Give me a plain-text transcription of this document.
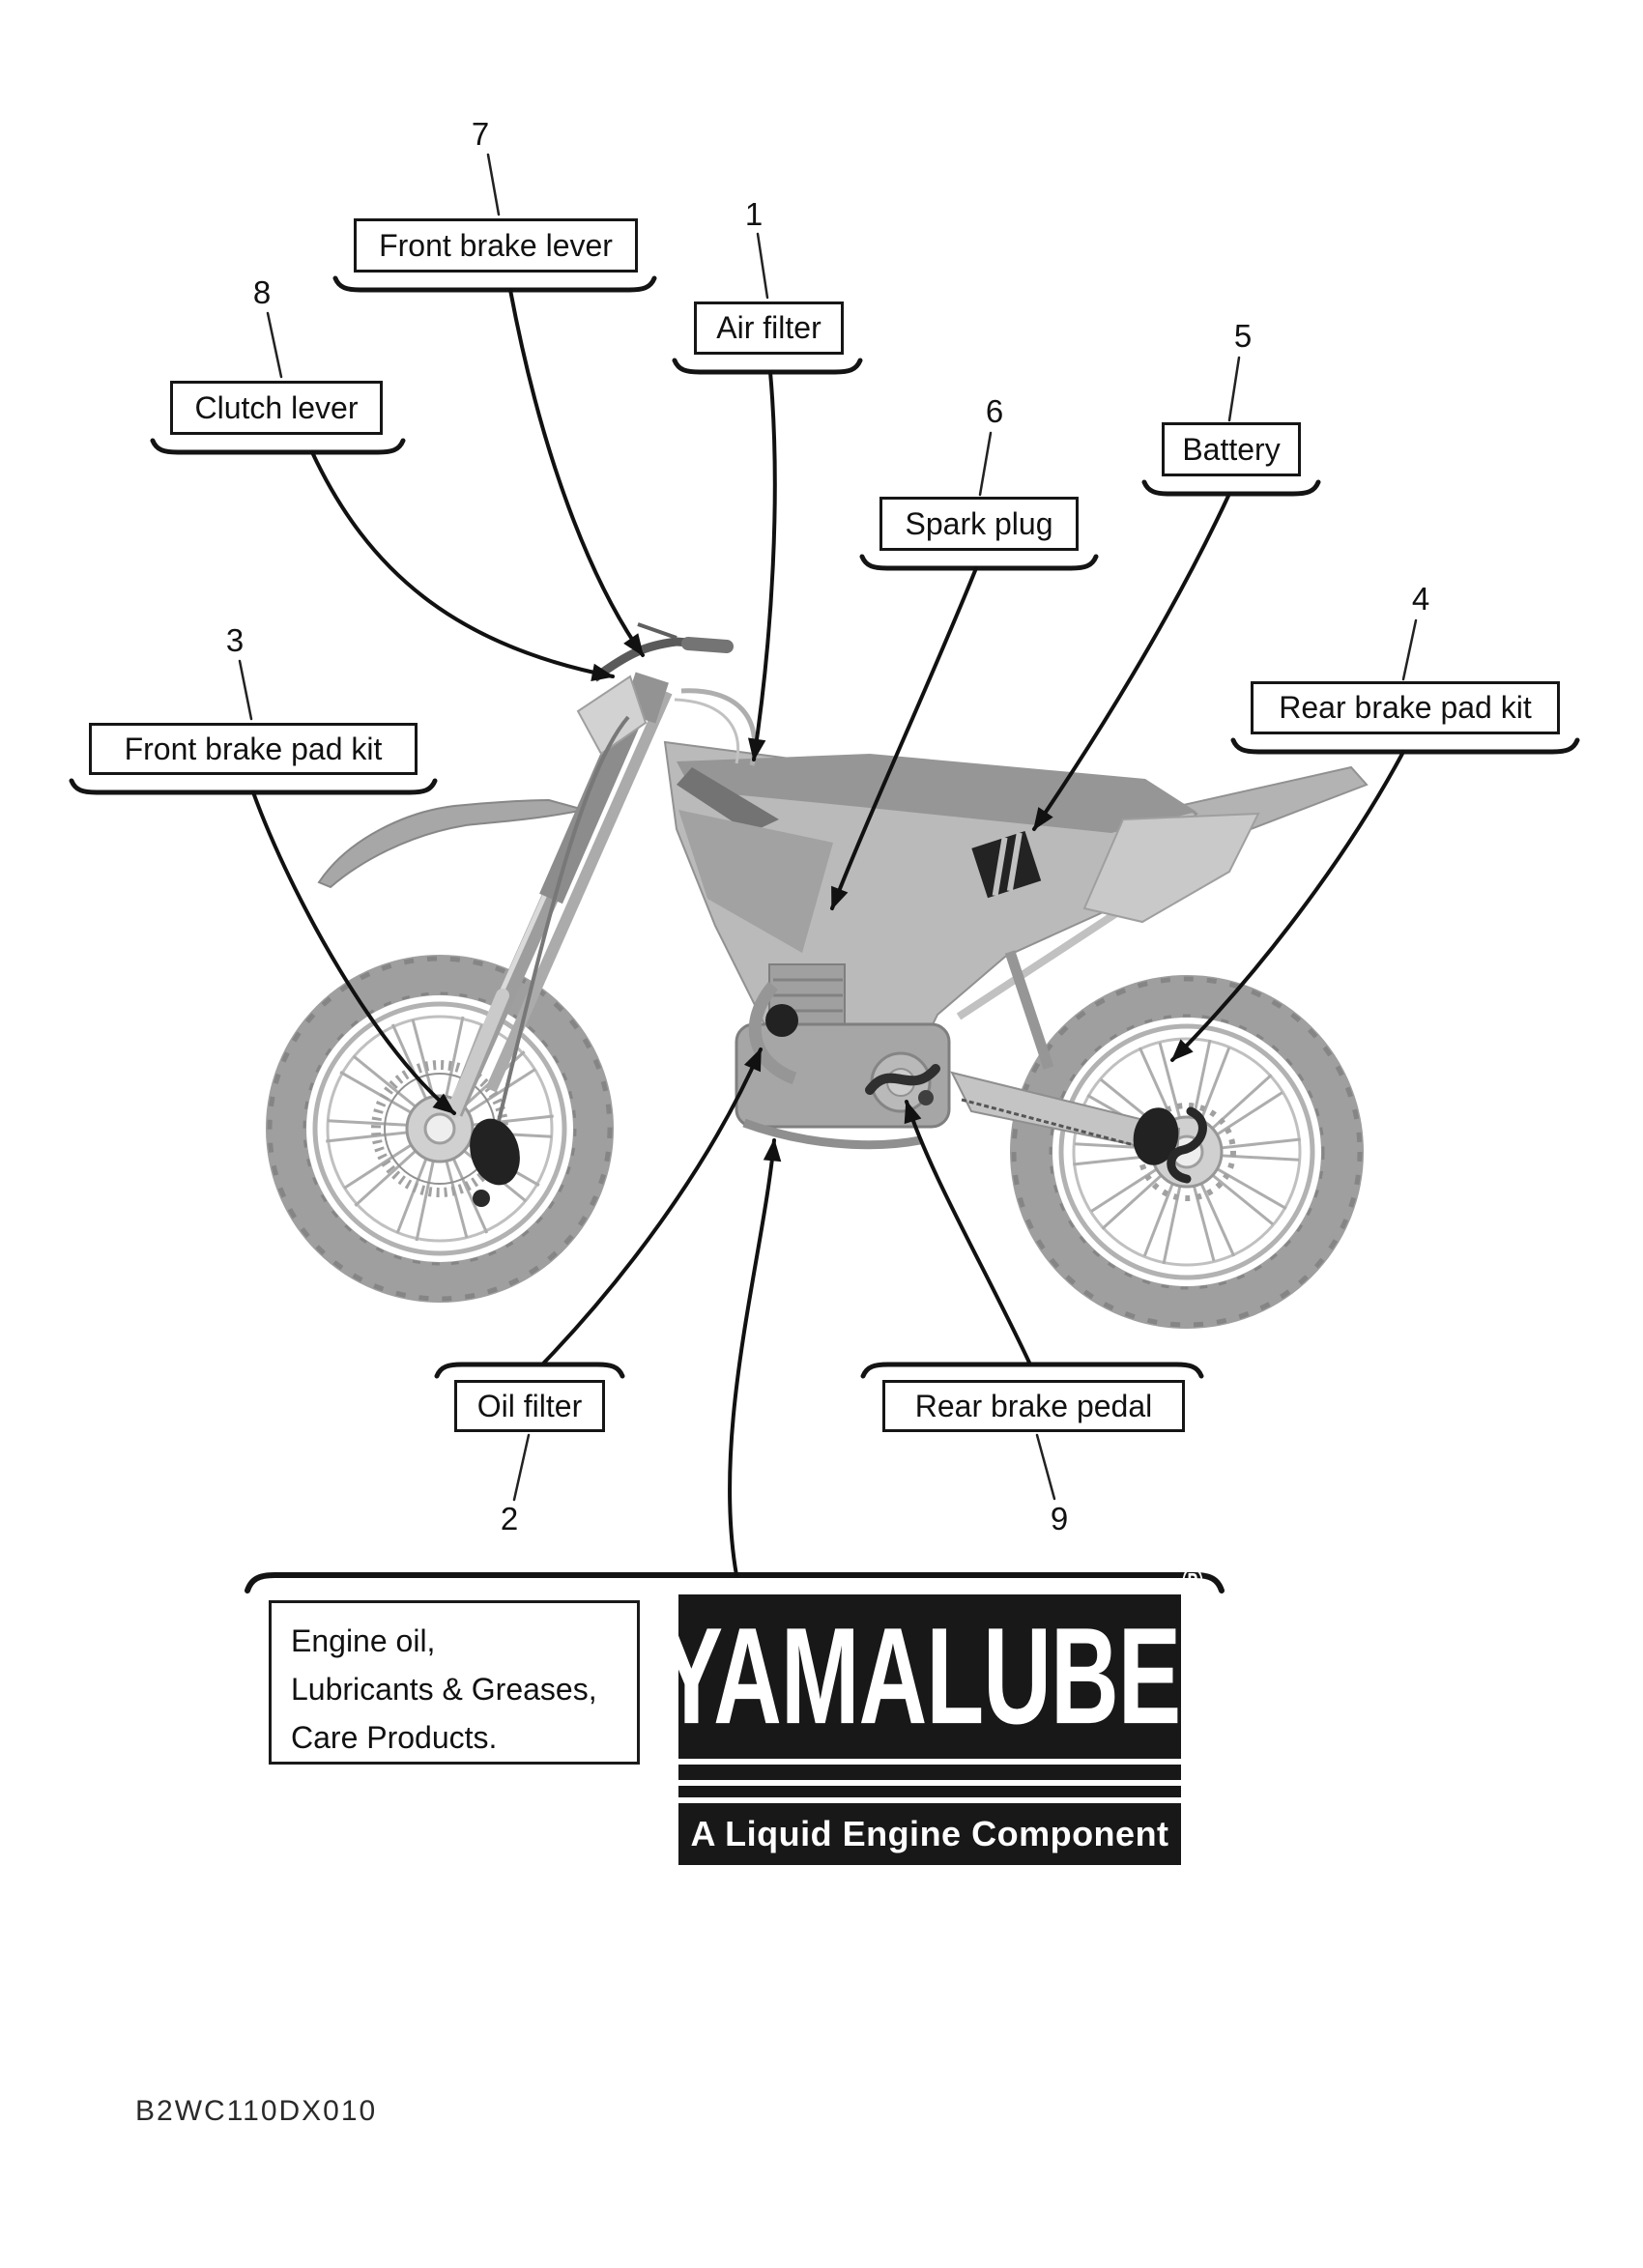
Front brake lever
7
Air filter
1
Clutch lever
8
Spark plug
6
Battery
5
Rear brake pad kit
4
Front brake pad kit
3
Oil filter
2
Rear brake pedal
9
Engine oil,
Lubricants & Greases,
Care Products.	YAMALUBE®
A Liquid Engine Component
B2WC110DX010
